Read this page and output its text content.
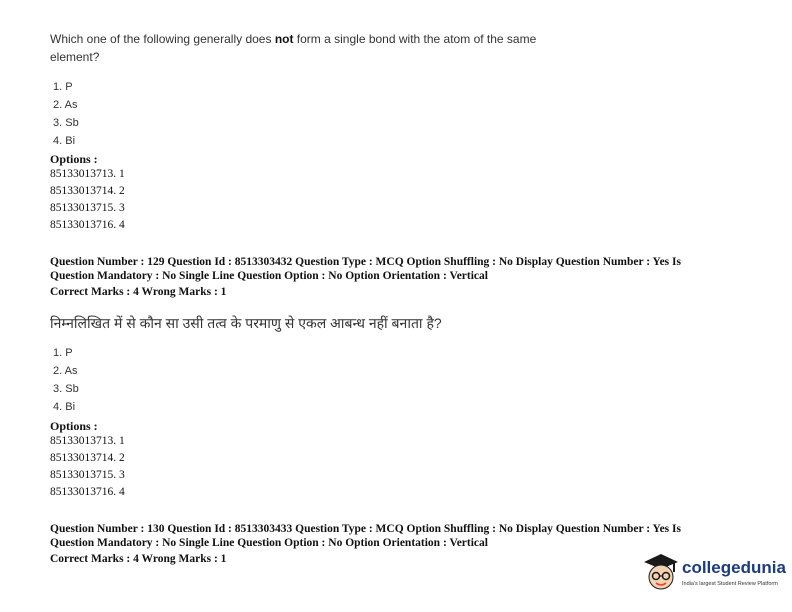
Which one of the following generally does not form a single bond with the atom of the same
element?
1. P
2. As
3. Sb
4. Bi
Options :
85133013713. 1
85133013714. 2
85133013715. 3
85133013716. 4
Question Number : 129 Question Id : 8513303432 Question Type : MCQ Option Shuffling : No Display Question Number : Yes Is
Question Mandatory : No Single Line Question Option : No Option Orientation : Vertical
Correct Marks : 4 Wrong Marks : 1
निम्नलिखित में से कौन सा उसी तत्व के परमाणु से एकल आबन्ध नहीं बनाता है?
1. P
2. As
3. Sb
4. Bi
Options :
85133013713. 1
85133013714. 2
85133013715. 3
85133013716. 4
Question Number : 130 Question Id : 8513303433 Question Type : MCQ Option Shuffling : No Display Question Number : Yes Is
Question Mandatory : No Single Line Question Option : No Option Orientation : Vertical
Correct Marks : 4 Wrong Marks : 1	collegedunia
India's largest Student Review Platform
